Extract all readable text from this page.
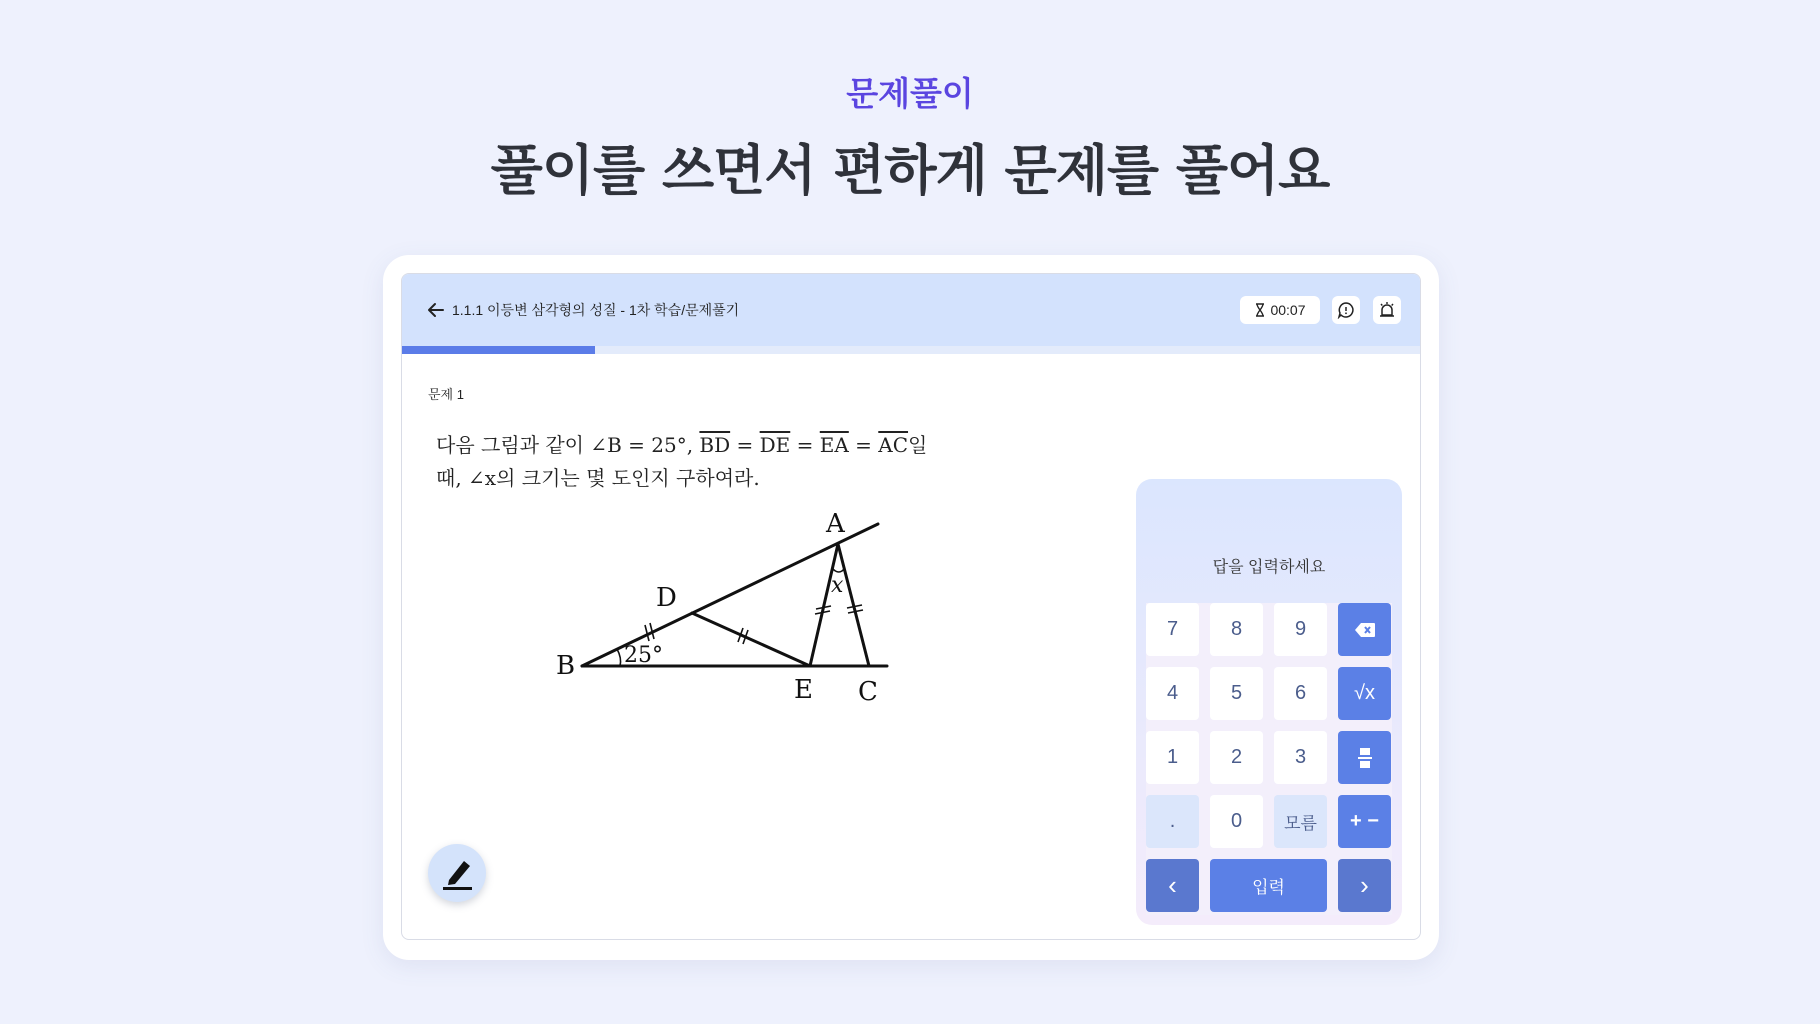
문제풀이
풀이를 쓰면서 편하게 문제를 풀어요
1.1.1 이등변 삼각형의 성질 - 1차 학습/문제풀기	00:07
문제 1
다음 그림과 같이 ∠B = 25°, $\overline{BD} = \overline{DE} = \overline{EA} = \overline{AC}$일
때, ∠x의 크기는 몇 도인지 구하여라.
A
B
C
D
E
x
25°
답을 입력하세요
7	8	9
4	5	6	√x
1	2	3
.	0	모름	+ −
‹	입력	›
